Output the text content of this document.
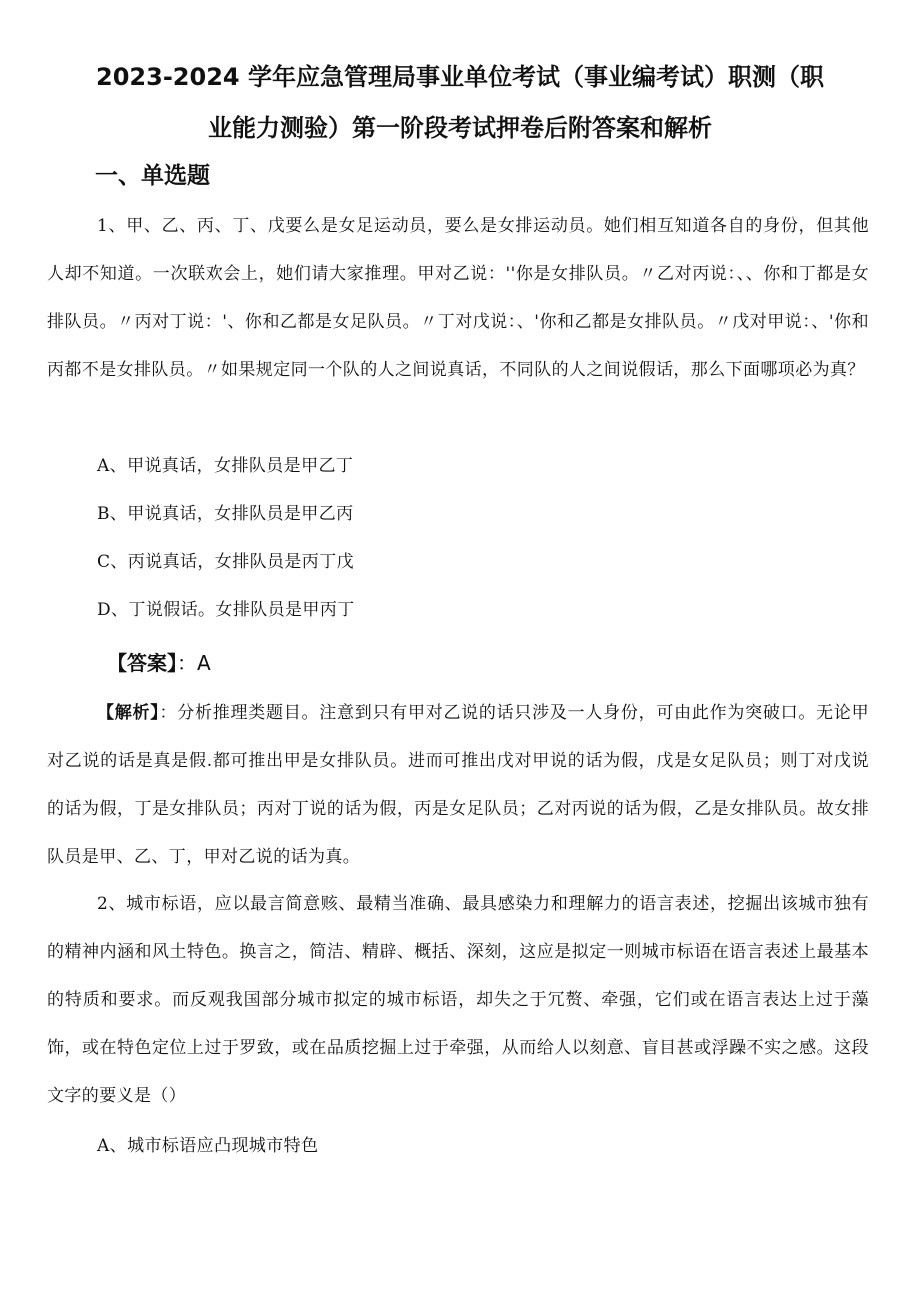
2023-2024 学年应急管理局事业单位考试（事业编考试）职测（职
业能力测验）第一阶段考试押卷后附答案和解析
一、单选题
1、甲、乙、丙、丁、戊要么是女足运动员，要么是女排运动员。她们相互知道各自的身份，但其他人却不知道。一次联欢会上，她们请大家推理。甲对乙说：''你是女排队员。〃乙对丙说：、、你和丁都是女排队员。〃丙对丁说：'、你和乙都是女足队员。〃丁对戊说：、'你和乙都是女排队员。〃戊对甲说：、'你和丙都不是女排队员。〃如果规定同一个队的人之间说真话，不同队的人之间说假话，那么下面哪项必为真？
A、甲说真话，女排队员是甲乙丁
B、甲说真话，女排队员是甲乙丙
C、丙说真话，女排队员是丙丁戊
D、丁说假话。女排队员是甲丙丁
【答案】：A
【解析】：分析推理类题目。注意到只有甲对乙说的话只涉及一人身份，可由此作为突破口。无论甲对乙说的话是真是假.都可推出甲是女排队员。进而可推出戊对甲说的话为假，戊是女足队员；则丁对戊说的话为假，丁是女排队员；丙对丁说的话为假，丙是女足队员；乙对丙说的话为假，乙是女排队员。故女排队员是甲、乙、丁，甲对乙说的话为真。
2、城市标语，应以最言简意赅、最精当准确、最具感染力和理解力的语言表述，挖掘出该城市独有的精神内涵和风土特色。换言之，简洁、精辟、概括、深刻，这应是拟定一则城市标语在语言表述上最基本的特质和要求。而反观我国部分城市拟定的城市标语，却失之于冗赘、牵强，它们或在语言表达上过于藻饰，或在特色定位上过于罗致，或在品质挖掘上过于牵强，从而给人以刻意、盲目甚或浮躁不实之感。这段文字的要义是（）
A、城市标语应凸现城市特色
